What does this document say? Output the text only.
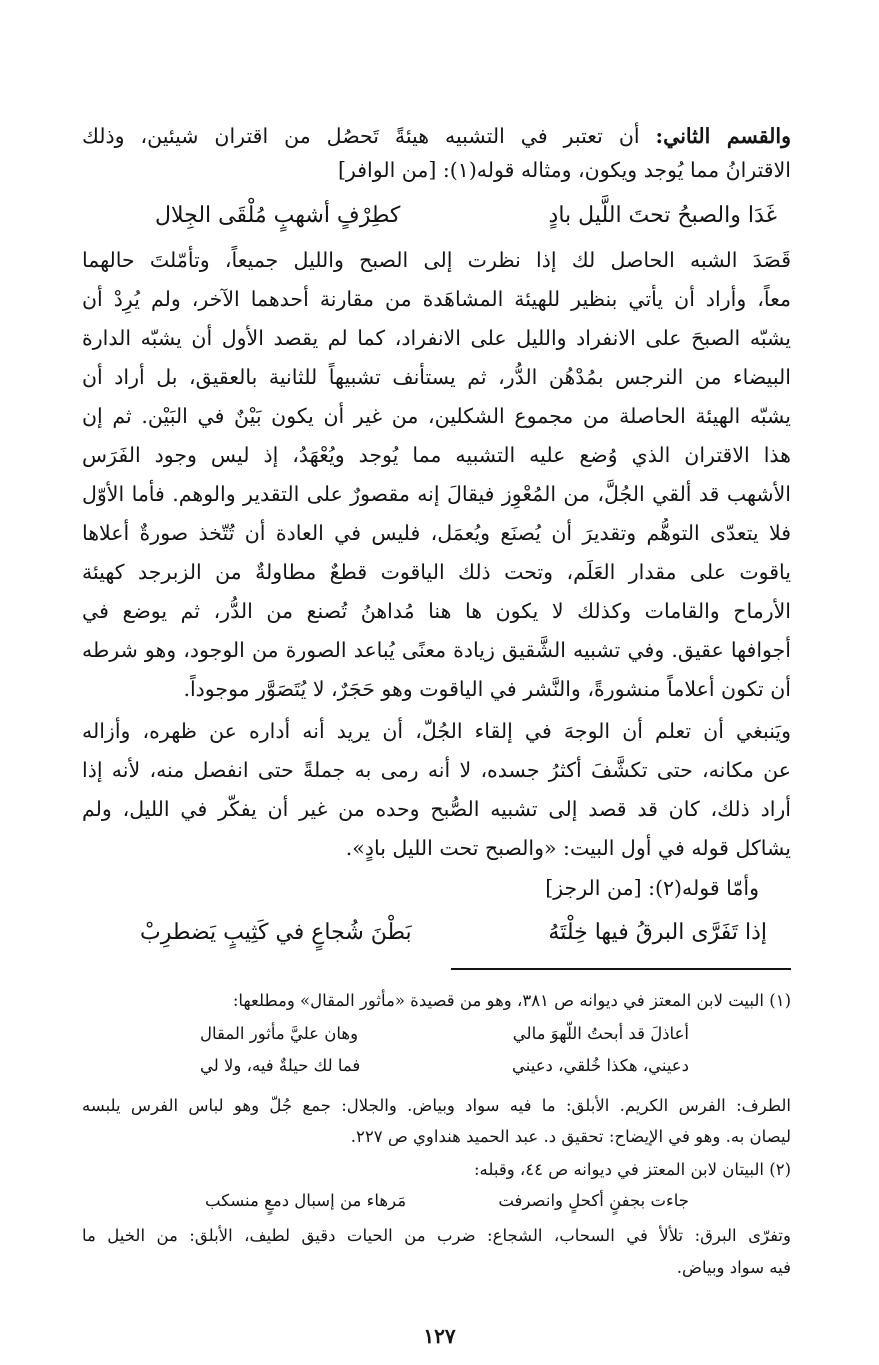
والقسم الثاني: أن تعتبر في التشبيه هيئةً تَحصُل من اقتران شيئين، وذلك
الاقترانُ مما يُوجد ويكون، ومثاله قوله(١): [من الوافر]
غَدَا والصبحُ تحتَ اللَّيل بادٍ
كطِرْفٍ أشهبٍ مُلْقَى الجِلال
قَصَدَ الشبه الحاصل لك إذا نظرت إلى الصبح والليل جميعاً، وتأمّلتَ حالهما
معاً، وأراد أن يأتي بنظير للهيئة المشاهَدة من مقارنة أحدهما الآخر، ولم يُرِدْ أن
يشبّه الصبحَ على الانفراد والليل على الانفراد، كما لم يقصد الأول أن يشبّه الدارة
البيضاء من النرجس بمُدْهُن الدُّر، ثم يستأنف تشبيهاً للثانية بالعقيق، بل أراد أن
يشبّه الهيئة الحاصلة من مجموع الشكلين، من غير أن يكون بَيْنٌ في البَيْن. ثم إن
هذا الاقتران الذي وُضع عليه التشبيه مما يُوجد ويُعْهَدُ، إذ ليس وجود الفَرَس
الأشهب قد ألقي الجُلَّ، من المُعْوِز فيقالَ إنه مقصورٌ على التقدير والوهم. فأما الأوّل
فلا يتعدّى التوهُّم وتقديرَ أن يُصنَع ويُعمَل، فليس في العادة أن تُتّخذ صورةٌ أعلاها
ياقوت على مقدار العَلَم، وتحت ذلك الياقوت قطعٌ مطاولةٌ من الزبرجد كهيئة
الأرماح والقامات وكذلك لا يكون ها هنا مُداهنُ تُصنع من الدُّر، ثم يوضع في
أجوافها عقيق. وفي تشبيه الشَّقيق زيادة معنًى يُباعد الصورة من الوجود، وهو شرطه
أن تكون أعلاماً منشورةً، والنَّشر في الياقوت وهو حَجَرٌ، لا يُتَصَوَّر موجوداً.
ويَنبغي أن تعلم أن الوجهَ في إلقاء الجُلّ، أن يريد أنه أداره عن ظهره، وأزاله
عن مكانه، حتى تكشَّفَ أكثرُ جسده، لا أنه رمى به جملةً حتى انفصل منه، لأنه إذا
أراد ذلك، كان قد قصد إلى تشبيه الصُّبح وحده من غير أن يفكّر في الليل، ولم
يشاكل قوله في أول البيت: «والصبح تحت الليل بادٍ».
وأمّا قوله(٢): [من الرجز]
إذا تَفَرَّى البرقُ فيها خِلْتَهُ
بَطْنَ شُجاعٍ في كَثِيبٍ يَضطرِبْ
(١) البيت لابن المعتز في ديوانه ص ٣٨١، وهو من قصيدة «مأثور المقال» ومطلعها:
أعاذلَ قد أبحتُ اللّهوَ مالي
وهان عليَّ مأثور المقال
دعيني، هكذا خُلقي، دعيني
فما لك حيلةٌ فيه، ولا لي
الطرف: الفرس الكريم. الأبلق: ما فيه سواد وبياض. والجلال: جمع جُلّ وهو لباس الفرس يلبسه
ليصان به. وهو في الإيضاح: تحقيق د. عبد الحميد هنداوي ص ٢٢٧.
(٢) البيتان لابن المعتز في ديوانه ص ٤٤، وقبله:
جاءت بجفنٍ أكحلٍ وانصرفت
مَرهاء من إسبال دمعٍ منسكب
وتفرّى البرق: تلألأ في السحاب، الشجاع: ضرب من الحيات دقيق لطيف، الأبلق: من الخيل ما
فيه سواد وبياض.
١٢٧
